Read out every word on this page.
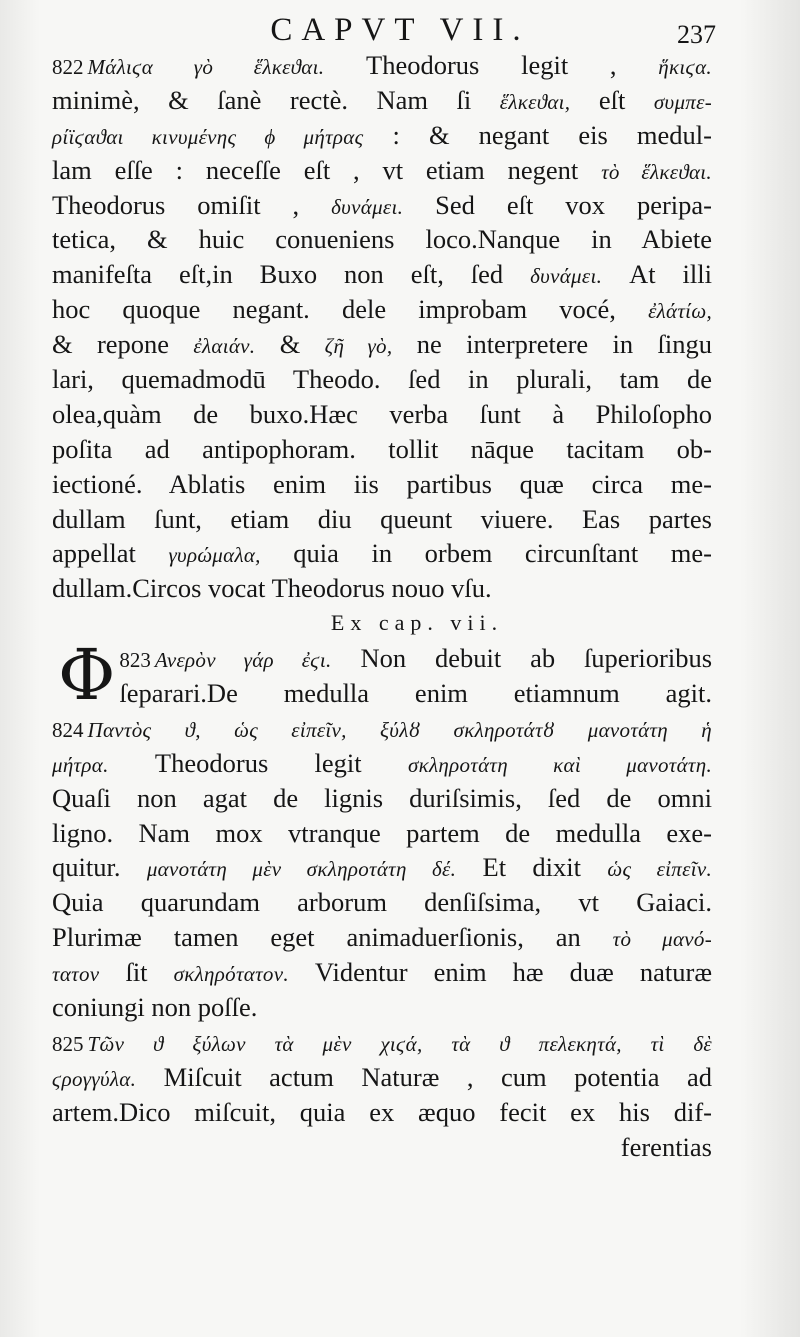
CAPVT VII.	237
822 Μάλιϛα γὸ ἕλκεϑαι. Theodorus legit , ἥκιϛα.
minimè, & ſanè rectè. Nam ſi ἕλκεϑαι, eſt συμπε-
ρίϊϛαϑαι κινυμένης ϕ μήτρας : & negant eis medul-
lam eſſe : neceſſe eſt , vt etiam negent τὸ ἕλκεϑαι.
Theodorus omiſit , δυνάμει. Sed eſt vox peripa-
tetica, & huic conueniens loco.Nanque in Abiete
manifeſta eſt,in Buxo non eſt, ſed δυνάμει. At illi
hoc quoque negant. dele improbam vocé, ἐλάτίω,
& repone ἐλαιάν. & ζῆ γὸ, ne interpretere in ſingu
lari, quemadmodū Theodo. ſed in plurali, tam de
olea,quàm de buxo.Hæc verba ſunt à Philoſopho
poſita ad antipophoram. tollit nāque tacitam ob-
iectioné. Ablatis enim iis partibus quæ circa me-
dullam ſunt, etiam diu queunt viuere. Eas partes
appellat γυρώμαλα, quia in orbem circunſtant me-
dullam.Circos vocat Theodorus nouo vſu.
Ex cap. vii.
823
Φ Ανερὸν γάρ ἐϛι. Non debuit ab ſuperioribus
ſeparari.De medulla enim etiamnum agit.
824 Παντὸς ϑ, ὡς εἰπεῖν, ξύλȣ σκληροτάτȣ μανοτάτη ἡ
μήτρα. Theodorus legit σκληροτάτη καὶ μανοτάτη.
Quaſi non agat de lignis duriſsimis, ſed de omni
ligno. Nam mox vtranque partem de medulla exe-
quitur. μανοτάτη μὲν σκληροτάτη δέ. Et dixit ὡς εἰπεῖν.
Quia quarundam arborum denſiſsima, vt Gaiaci.
Plurimæ tamen eget animaduerſionis, an τὸ μανό-
τατον ſit σκληρότατον. Videntur enim hæ duæ naturæ
coniungi non poſſe.
825 Τῶν ϑ ξύλων τὰ μὲν χιϛά, τὰ ϑ πελεκητά, τὶ δὲ
ϛρογγύλα. Miſcuit actum Naturæ , cum potentia ad
artem.Dico miſcuit, quia ex æquo fecit ex his dif-
ferentias
